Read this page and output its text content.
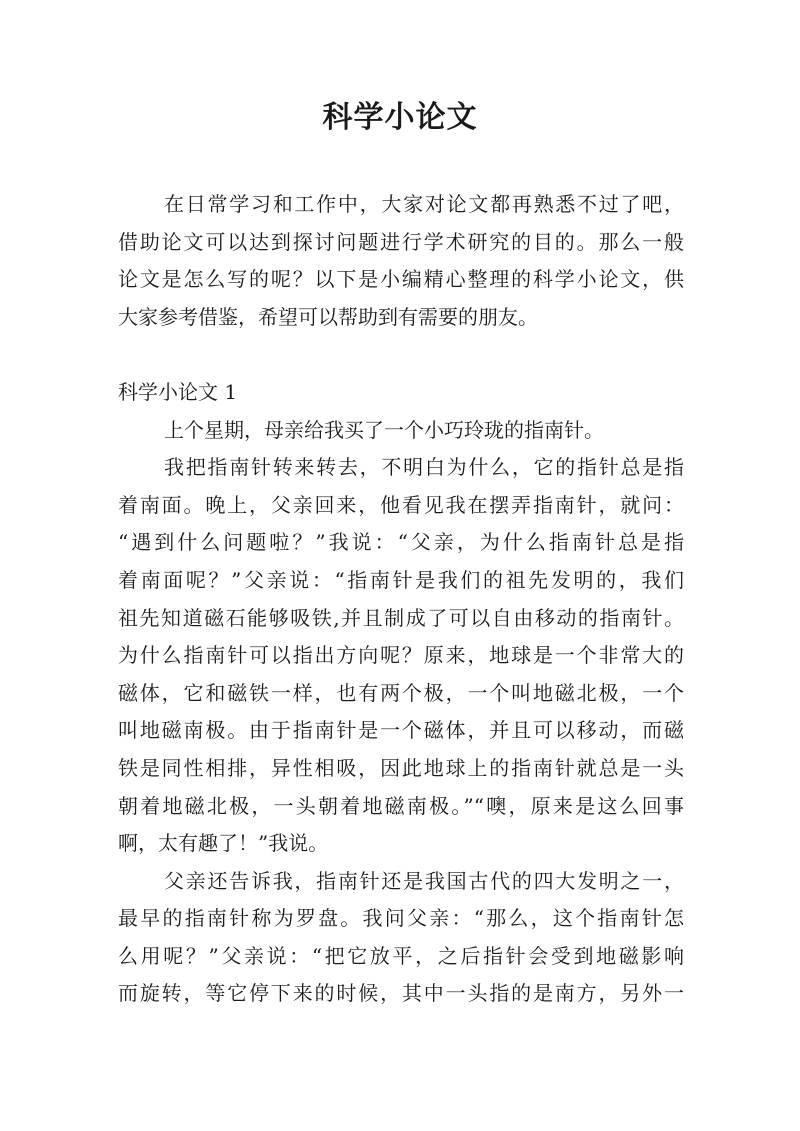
科学小论文
在日常学习和工作中，大家对论文都再熟悉不过了吧，
借助论文可以达到探讨问题进行学术研究的目的。那么一般
论文是怎么写的呢？以下是小编精心整理的科学小论文，供
大家参考借鉴，希望可以帮助到有需要的朋友。
科学小论文 1
上个星期，母亲给我买了一个小巧玲珑的指南针。
我把指南针转来转去，不明白为什么，它的指针总是指
着南面。晚上，父亲回来，他看见我在摆弄指南针，就问：
“遇到什么问题啦？”我说：“父亲，为什么指南针总是指
着南面呢？”父亲说：“指南针是我们的祖先发明的，我们
祖先知道磁石能够吸铁,并且制成了可以自由移动的指南针。
为什么指南针可以指出方向呢？原来，地球是一个非常大的
磁体，它和磁铁一样，也有两个极，一个叫地磁北极，一个
叫地磁南极。由于指南针是一个磁体，并且可以移动，而磁
铁是同性相排，异性相吸，因此地球上的指南针就总是一头
朝着地磁北极，一头朝着地磁南极。”“噢，原来是这么回事
啊，太有趣了！”我说。
父亲还告诉我，指南针还是我国古代的四大发明之一，
最早的指南针称为罗盘。我问父亲：“那么，这个指南针怎
么用呢？”父亲说：“把它放平，之后指针会受到地磁影响
而旋转，等它停下来的时候，其中一头指的是南方，另外一
